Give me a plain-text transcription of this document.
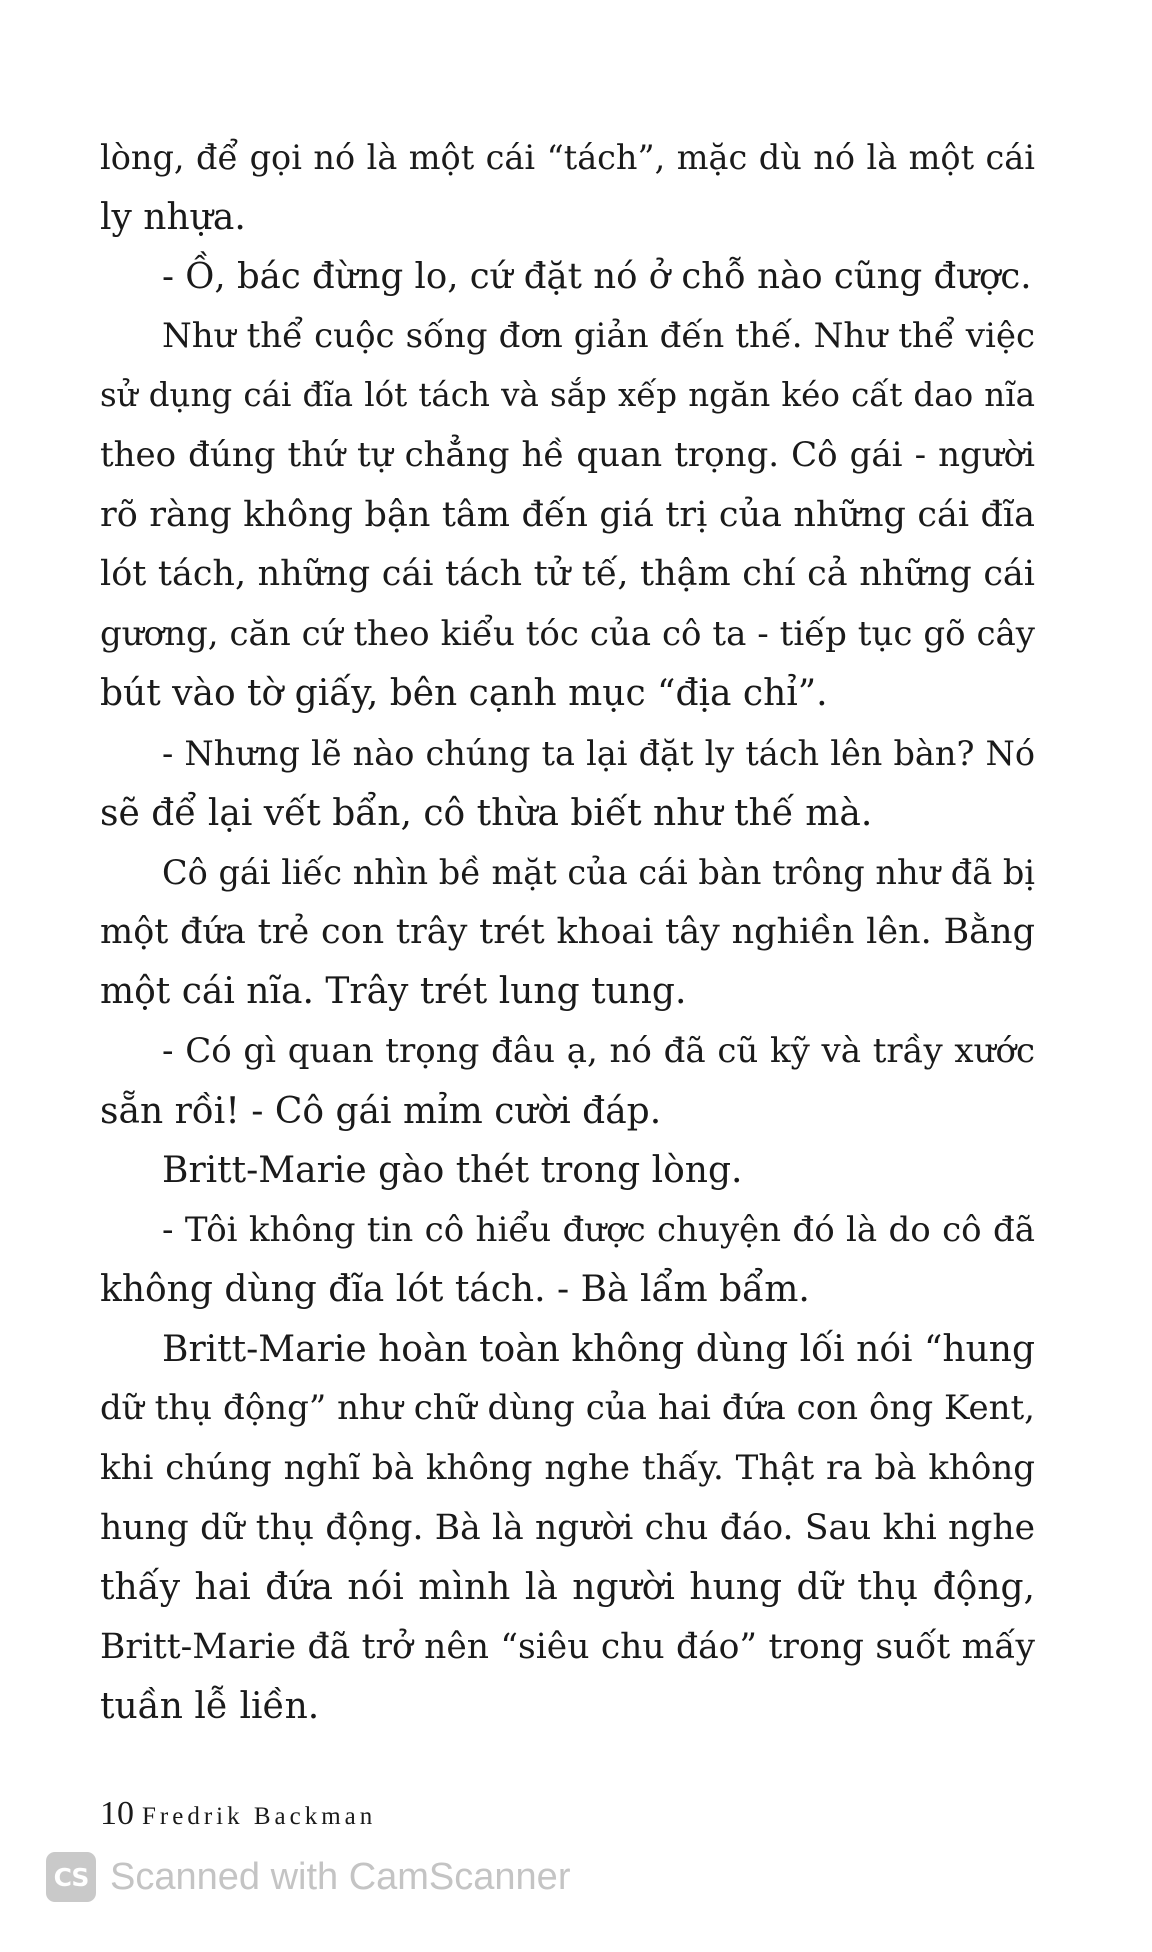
lòng, để gọi nó là một cái “tách”, mặc dù nó là một cái
ly nhựa.
- Ồ, bác đừng lo, cứ đặt nó ở chỗ nào cũng được.
Như thể cuộc sống đơn giản đến thế. Như thể việc
sử dụng cái đĩa lót tách và sắp xếp ngăn kéo cất dao nĩa
theo đúng thứ tự chẳng hề quan trọng. Cô gái - người
rõ ràng không bận tâm đến giá trị của những cái đĩa
lót tách, những cái tách tử tế, thậm chí cả những cái
gương, căn cứ theo kiểu tóc của cô ta - tiếp tục gõ cây
bút vào tờ giấy, bên cạnh mục “địa chỉ”.
- Nhưng lẽ nào chúng ta lại đặt ly tách lên bàn? Nó
sẽ để lại vết bẩn, cô thừa biết như thế mà.
Cô gái liếc nhìn bề mặt của cái bàn trông như đã bị
một đứa trẻ con trây trét khoai tây nghiền lên. Bằng
một cái nĩa. Trây trét lung tung.
- Có gì quan trọng đâu ạ, nó đã cũ kỹ và trầy xước
sẵn rồi! - Cô gái mỉm cười đáp.
Britt-Marie gào thét trong lòng.
- Tôi không tin cô hiểu được chuyện đó là do cô đã
không dùng đĩa lót tách. - Bà lẩm bẩm.
Britt-Marie hoàn toàn không dùng lối nói “hung
dữ thụ động” như chữ dùng của hai đứa con ông Kent,
khi chúng nghĩ bà không nghe thấy. Thật ra bà không
hung dữ thụ động. Bà là người chu đáo. Sau khi nghe
thấy hai đứa nói mình là người hung dữ thụ động,
Britt-Marie đã trở nên “siêu chu đáo” trong suốt mấy
tuần lễ liền.
10 Fredrik Backman
CS Scanned with CamScanner
